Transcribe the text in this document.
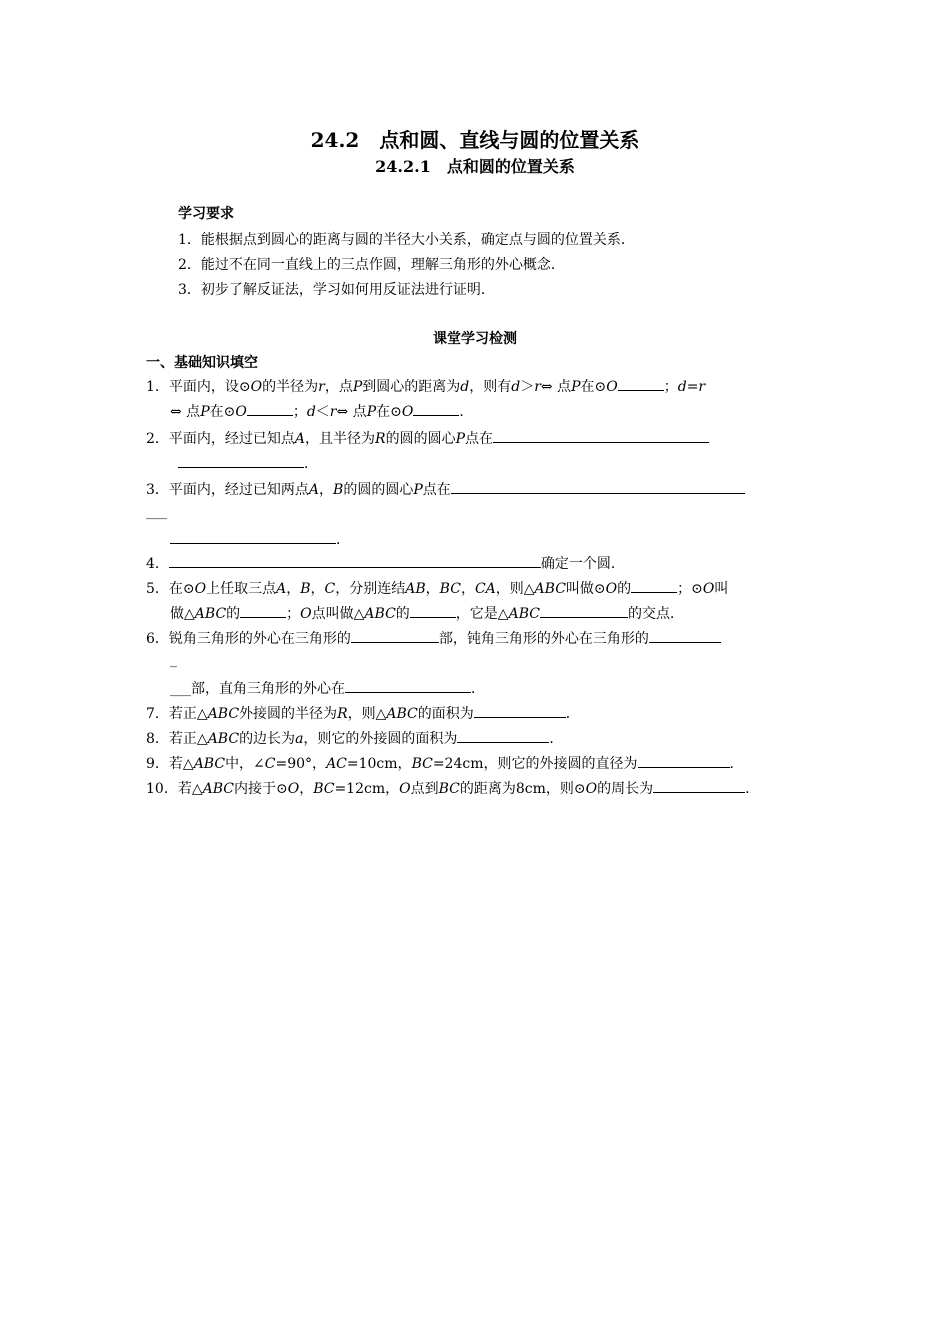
24.2　点和圆、直线与圆的位置关系
24.2.1　点和圆的位置关系
学习要求
1．能根据点到圆心的距离与圆的半径大小关系，确定点与圆的位置关系．
2．能过不在同一直线上的三点作圆，理解三角形的外心概念．
3．初步了解反证法，学习如何用反证法进行证明．
课堂学习检测
一、基础知识填空
1．平面内，设⊙O的半径为r，点P到圆心的距离为d，则有d＞r⇔ 点P在⊙O	；d=r
⇔ 点P在⊙O	；d＜r⇔ 点P在⊙O	．
2．平面内，经过已知点A，且半径为R的圆的圆心P点在
．
3．平面内，经过已知两点A，B的圆的圆心P点在
___
．
4．	确定一个圆．
5．在⊙O上任取三点A，B，C，分别连结AB，BC，CA，则△ABC叫做⊙O的	；⊙O叫
做△ABC的	；O点叫做△ABC的	，它是△ABC	的交点．
6．锐角三角形的外心在三角形的	部，钝角三角形的外心在三角形的
_
___部，直角三角形的外心在	．
7．若正△ABC外接圆的半径为R，则△ABC的面积为	．
8．若正△ABC的边长为a，则它的外接圆的面积为	．
9．若△ABC中，∠C=90°，AC=10cm，BC=24cm，则它的外接圆的直径为	．
10．若△ABC内接于⊙O，BC=12cm，O点到BC的距离为8cm，则⊙O的周长为	．
